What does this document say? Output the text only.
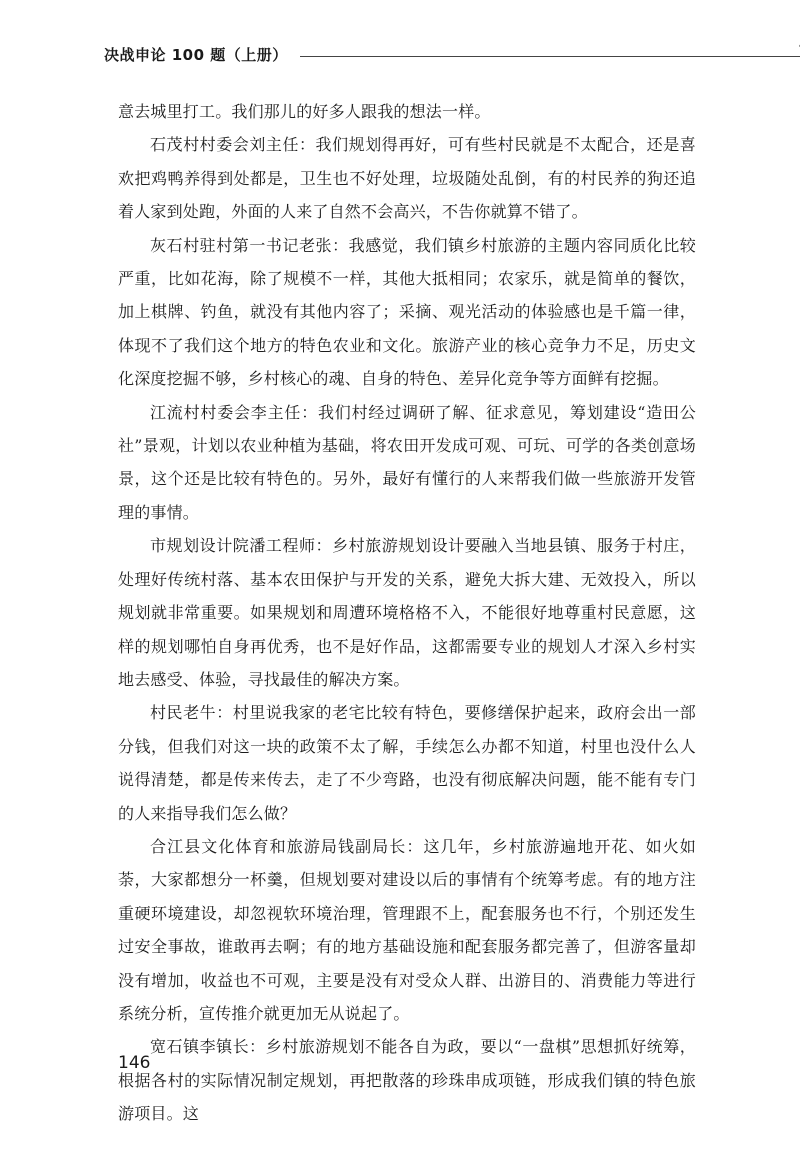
决战申论 100 题（上册）

意去城里打工。我们那儿的好多人跟我的想法一样。

石茂村村委会刘主任：我们规划得再好，可有些村民就是不太配合，还是喜欢把鸡鸭养得到处都是，卫生也不好处理，垃圾随处乱倒，有的村民养的狗还追着人家到处跑，外面的人来了自然不会高兴，不告你就算不错了。

灰石村驻村第一书记老张：我感觉，我们镇乡村旅游的主题内容同质化比较严重，比如花海，除了规模不一样，其他大抵相同；农家乐，就是简单的餐饮，加上棋牌、钓鱼，就没有其他内容了；采摘、观光活动的体验感也是千篇一律，体现不了我们这个地方的特色农业和文化。旅游产业的核心竞争力不足，历史文化深度挖掘不够，乡村核心的魂、自身的特色、差异化竞争等方面鲜有挖掘。

江流村村委会李主任：我们村经过调研了解、征求意见，筹划建设“造田公社”景观，计划以农业种植为基础，将农田开发成可观、可玩、可学的各类创意场景，这个还是比较有特色的。另外，最好有懂行的人来帮我们做一些旅游开发管理的事情。

市规划设计院潘工程师：乡村旅游规划设计要融入当地县镇、服务于村庄，处理好传统村落、基本农田保护与开发的关系，避免大拆大建、无效投入，所以规划就非常重要。如果规划和周遭环境格格不入，不能很好地尊重村民意愿，这样的规划哪怕自身再优秀，也不是好作品，这都需要专业的规划人才深入乡村实地去感受、体验，寻找最佳的解决方案。

村民老牛：村里说我家的老宅比较有特色，要修缮保护起来，政府会出一部分钱，但我们对这一块的政策不太了解，手续怎么办都不知道，村里也没什么人说得清楚，都是传来传去，走了不少弯路，也没有彻底解决问题，能不能有专门的人来指导我们怎么做？

合江县文化体育和旅游局钱副局长：这几年，乡村旅游遍地开花、如火如荼，大家都想分一杯羹，但规划要对建设以后的事情有个统筹考虑。有的地方注重硬环境建设，却忽视软环境治理，管理跟不上，配套服务也不行，个别还发生过安全事故，谁敢再去啊；有的地方基础设施和配套服务都完善了，但游客量却没有增加，收益也不可观，主要是没有对受众人群、出游目的、消费能力等进行系统分析，宣传推介就更加无从说起了。

宽石镇李镇长：乡村旅游规划不能各自为政，要以“一盘棋”思想抓好统筹，根据各村的实际情况制定规划，再把散落的珍珠串成项链，形成我们镇的特色旅游项目。这

146
